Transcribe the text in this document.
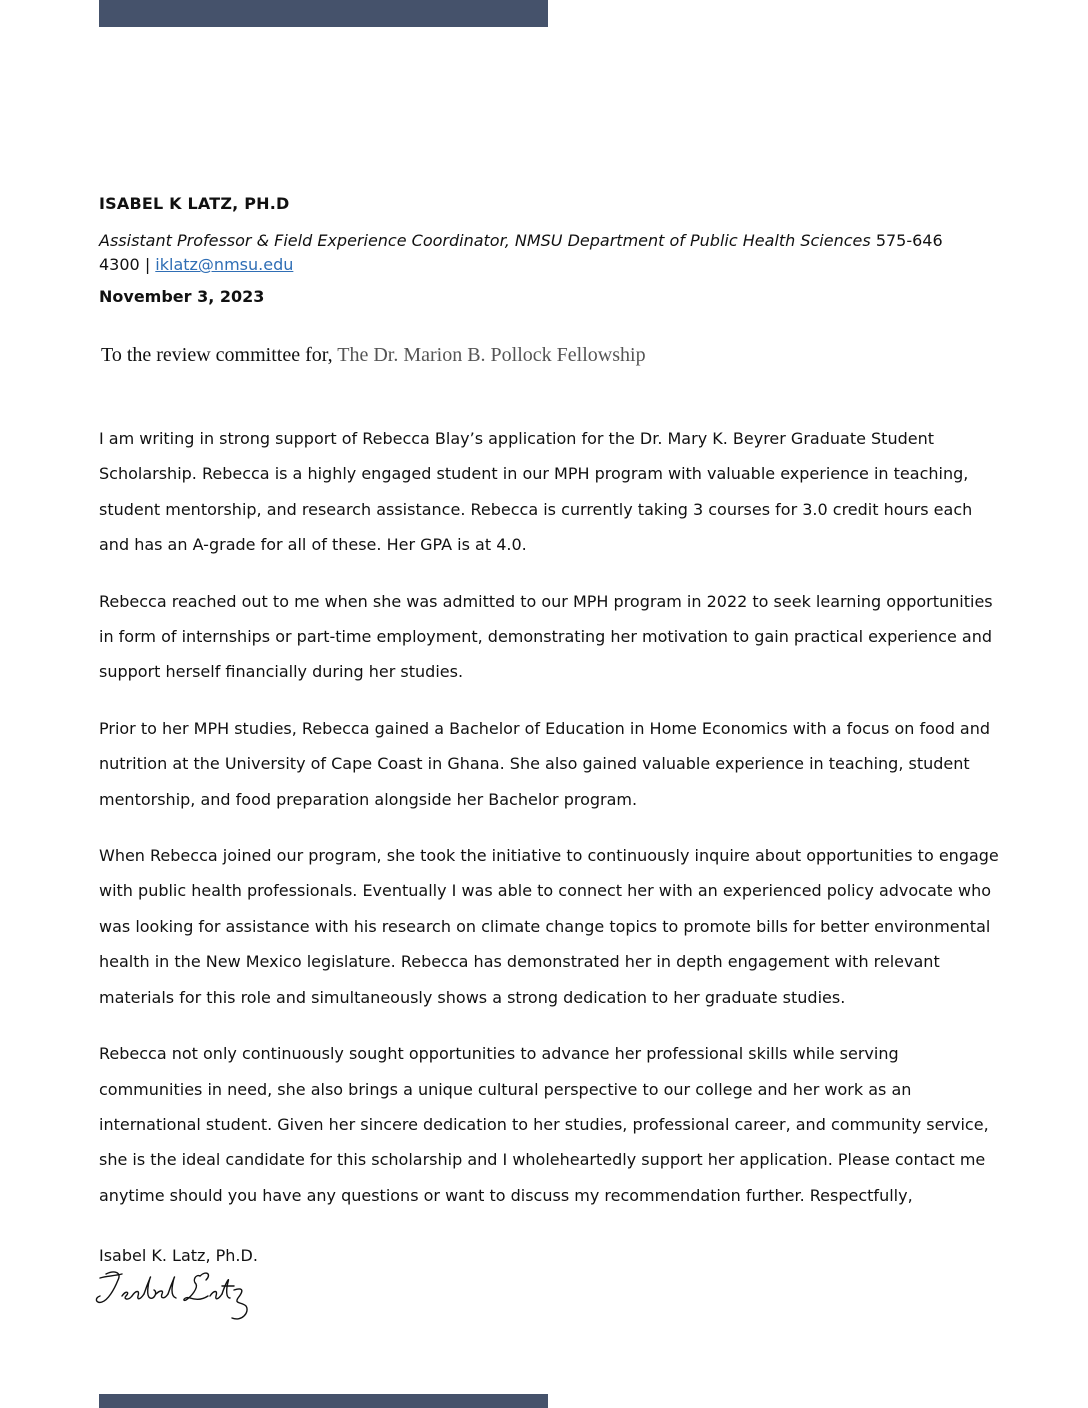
ISABEL K LATZ, PH.D
Assistant Professor & Field Experience Coordinator, NMSU Department of Public Health Sciences 575-646 4300 | iklatz@nmsu.edu
November 3, 2023
To the review committee for, The Dr. Marion B. Pollock Fellowship

I am writing in strong support of Rebecca Blay’s application for the Dr. Mary K. Beyrer Graduate Student Scholarship. Rebecca is a highly engaged student in our MPH program with valuable experience in teaching, student mentorship, and research assistance. Rebecca is currently taking 3 courses for 3.0 credit hours each and has an A-grade for all of these. Her GPA is at 4.0.

Rebecca reached out to me when she was admitted to our MPH program in 2022 to seek learning opportunities in form of internships or part-time employment, demonstrating her motivation to gain practical experience and support herself financially during her studies.

Prior to her MPH studies, Rebecca gained a Bachelor of Education in Home Economics with a focus on food and nutrition at the University of Cape Coast in Ghana. She also gained valuable experience in teaching, student mentorship, and food preparation alongside her Bachelor program.

When Rebecca joined our program, she took the initiative to continuously inquire about opportunities to engage with public health professionals. Eventually I was able to connect her with an experienced policy advocate who was looking for assistance with his research on climate change topics to promote bills for better environmental health in the New Mexico legislature. Rebecca has demonstrated her in depth engagement with relevant materials for this role and simultaneously shows a strong dedication to her graduate studies.

Rebecca not only continuously sought opportunities to advance her professional skills while serving communities in need, she also brings a unique cultural perspective to our college and her work as an international student. Given her sincere dedication to her studies, professional career, and community service, she is the ideal candidate for this scholarship and I wholeheartedly support her application. Please contact me anytime should you have any questions or want to discuss my recommendation further. Respectfully,

Isabel K. Latz, Ph.D.
